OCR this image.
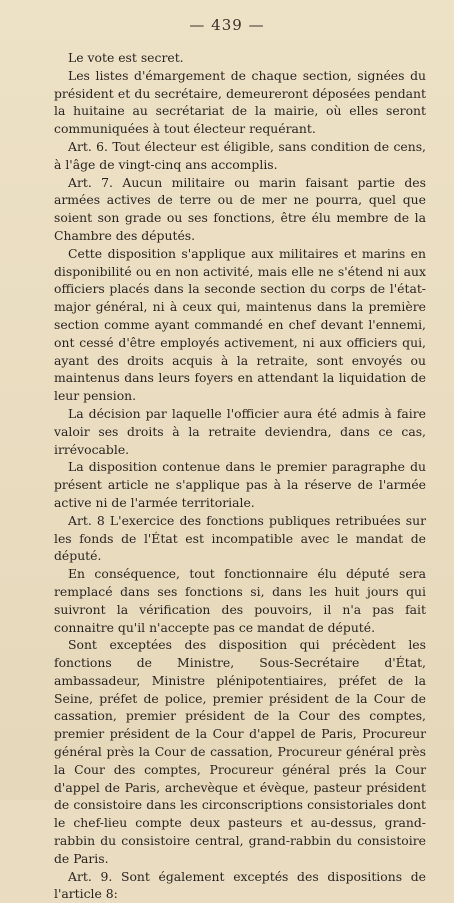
— 439 —

Le vote est secret.

Les listes d'émargement de chaque section, signées du président et du secrétaire, demeureront déposées pendant la huitaine au secrétariat de la mairie, où elles seront communiquées à tout électeur requérant.

Art. 6. Tout électeur est éligible, sans condition de cens, à l'âge de vingt-cinq ans accomplis.

Art. 7. Aucun militaire ou marin faisant partie des armées actives de terre ou de mer ne pourra, quel que soient son grade ou ses fonctions, être élu membre de la Chambre des députés.

Cette disposition s'applique aux militaires et marins en disponibilité ou en non activité, mais elle ne s'étend ni aux officiers placés dans la seconde section du corps de l'état-major général, ni à ceux qui, maintenus dans la première section comme ayant commandé en chef devant l'ennemi, ont cessé d'être employés activement, ni aux officiers qui, ayant des droits acquis à la retraite, sont envoyés ou maintenus dans leurs foyers en attendant la liquidation de leur pension.

La décision par laquelle l'officier aura été admis à faire valoir ses droits à la retraite deviendra, dans ce cas, irrévocable.

La disposition contenue dans le premier paragraphe du présent article ne s'applique pas à la réserve de l'armée active ni de l'armée territoriale.

Art. 8 L'exercice des fonctions publiques retribuées sur les fonds de l'État est incompatible avec le mandat de député.

En conséquence, tout fonctionnaire élu député sera remplacé dans ses fonctions si, dans les huit jours qui suivront la vérification des pouvoirs, il n'a pas fait connaitre qu'il n'accepte pas ce mandat de député.

Sont exceptées des disposition qui précèdent les fonctions de Ministre, Sous-Secrétaire d'État, ambassadeur, Ministre plénipotentiaires, préfet de la Seine, préfet de police, premier président de la Cour de cassation, premier président de la Cour des comptes, premier président de la Cour d'appel de Paris, Procureur général près la Cour de cassation, Procureur général près la Cour des comptes, Procureur général prés la Cour d'appel de Paris, archevèque et évèque, pasteur président de consistoire dans les circonscriptions consistoriales dont le chef-lieu compte deux pasteurs et au-dessus, grand-rabbin du consistoire central, grand-rabbin du consistoire de Paris.

Art. 9. Sont également exceptés des dispositions de l'article 8:
